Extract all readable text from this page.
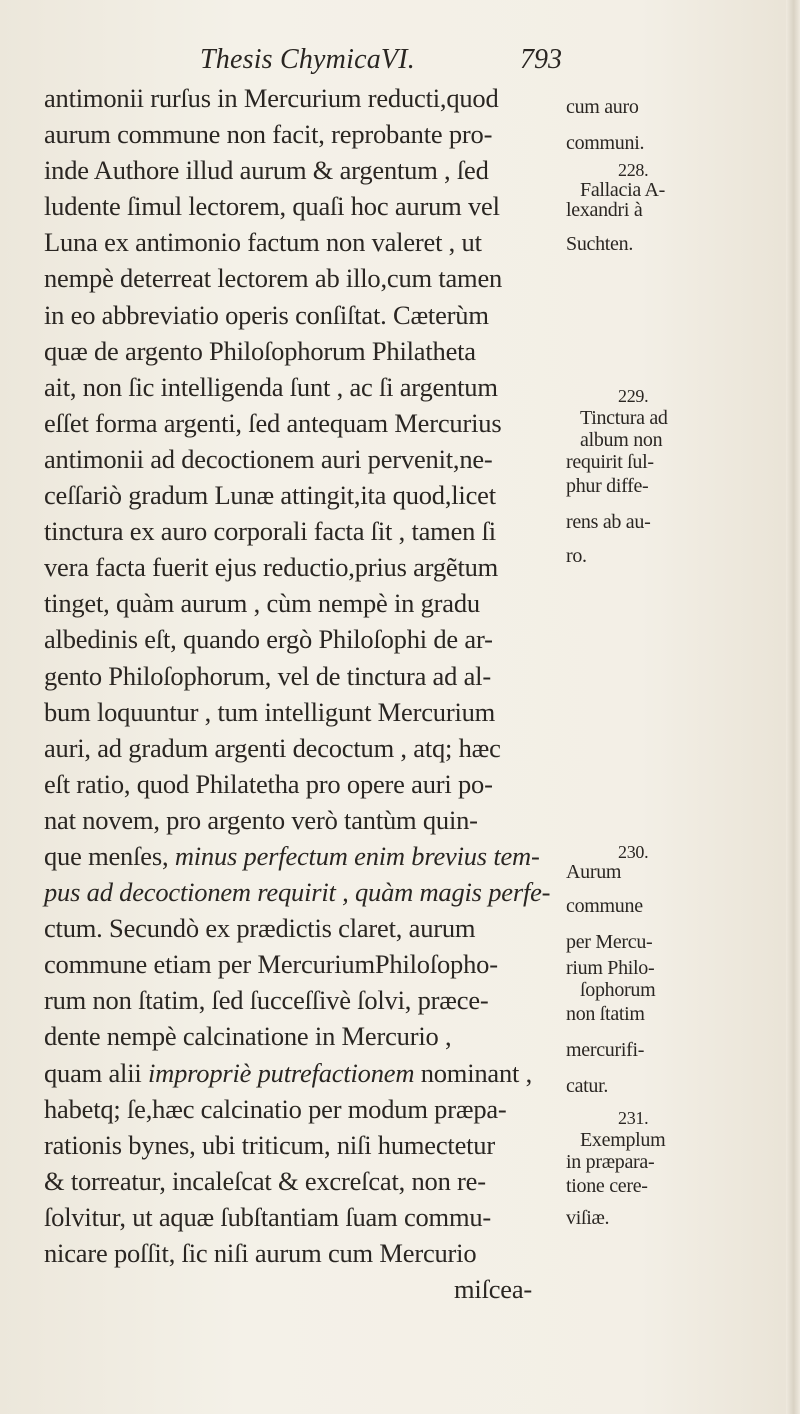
Thesis ChymicaVI.	793
antimonii rurſus in Mercurium reducti,quod
aurum commune non facit, reprobante pro-
inde Authore illud aurum & argentum , ſed
ludente ſimul lectorem, quaſi hoc aurum vel
Luna ex antimonio factum non valeret , ut
nempè deterreat lectorem ab illo,cum tamen
in eo abbreviatio operis conſiſtat. Cæterùm
quæ de argento Philoſophorum Philatheta
ait, non ſic intelligenda ſunt , ac ſi argentum
eſſet forma argenti, ſed antequam Mercurius
antimonii ad decoctionem auri pervenit,ne-
ceſſariò gradum Lunæ attingit,ita quod,licet
tinctura ex auro corporali facta ſit , tamen ſi
vera facta fuerit ejus reductio,prius argẽtum
tinget, quàm aurum , cùm nempè in gradu
albedinis eſt, quando ergò Philoſophi de ar-
gento Philoſophorum, vel de tinctura ad al-
bum loquuntur , tum intelligunt Mercurium
auri, ad gradum argenti decoctum , atq; hæc
eſt ratio, quod Philatetha pro opere auri po-
nat novem, pro argento verò tantùm quin-
que menſes, minus perfectum enim brevius tem-
pus ad decoctionem requirit , quàm magis perfe-
ctum. Secundò ex prædictis claret, aurum
commune etiam per MercuriumPhiloſopho-
rum non ſtatim, ſed ſucceſſivè ſolvi, præce-
dente nempè calcinatione in Mercurio ,
quam alii impropriè putrefactionem nominant ,
habetq; ſe,hæc calcinatio per modum præpa-
rationis bynes, ubi triticum, niſi humectetur
& torreatur, incaleſcat & excreſcat, non re-
ſolvitur, ut aquæ ſubſtantiam ſuam commu-
nicare poſſit, ſic niſi aurum cum Mercurio
miſcea-
cum auro
communi.
228.
Fallacia A-
lexandri à
Suchten.
229.
Tinctura ad
album non
requirit ſul-
phur diffe-
rens ab au-
ro.
230.
Aurum
commune
per Mercu-
rium Philo-
ſophorum
non ſtatim
mercurifi-
catur.
231.
Exemplum
in præpara-
tione cere-
viſiæ.
